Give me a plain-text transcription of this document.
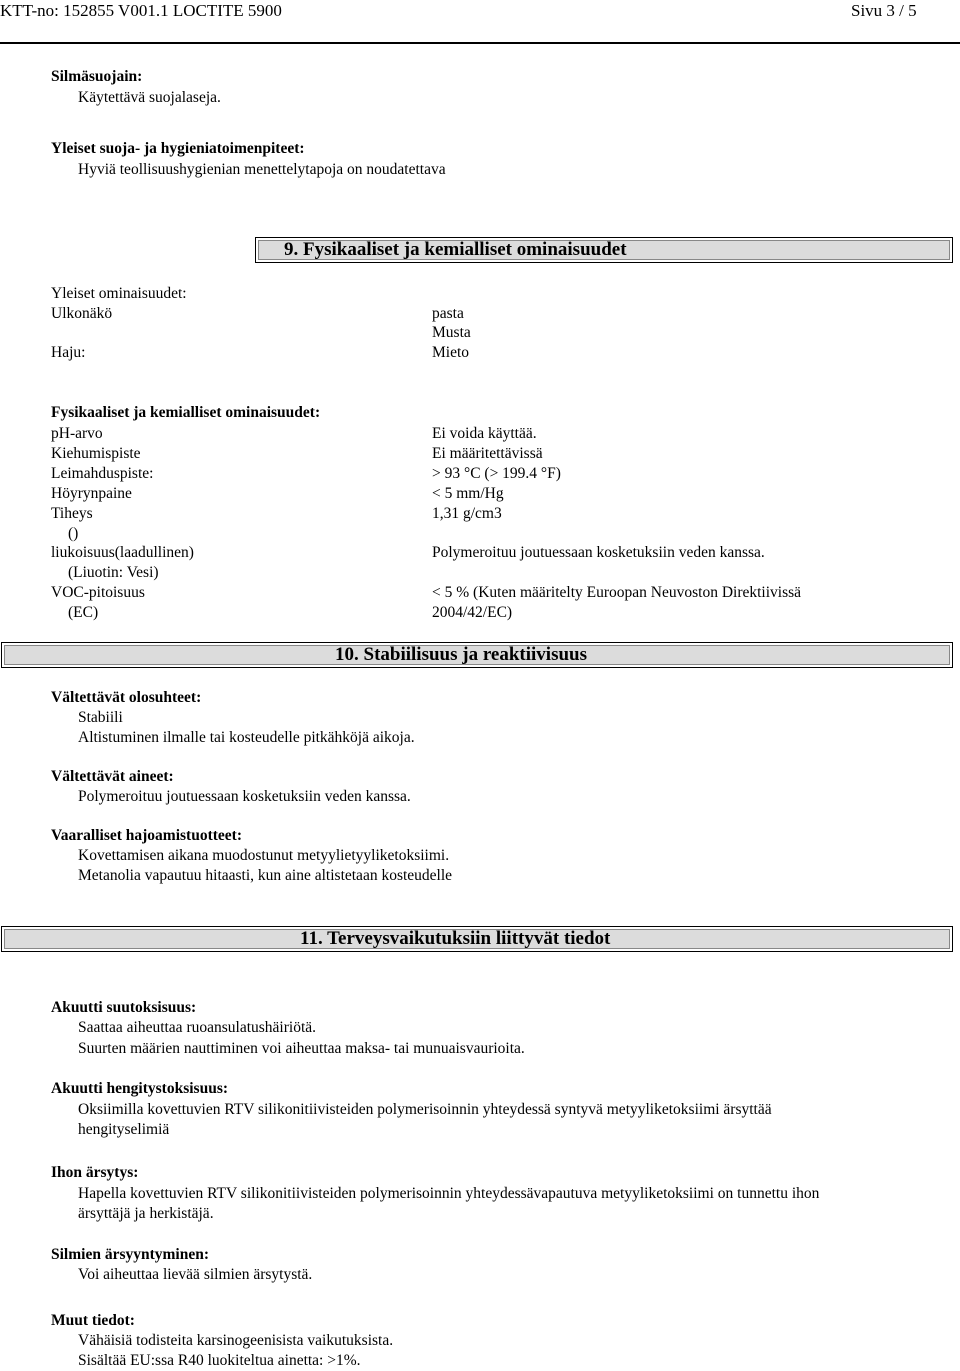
KTT-no: 152855 V001.1 LOCTITE 5900	Sivu 3 / 5
Silmäsuojain:
Käytettävä suojalaseja.
Yleiset suoja- ja hygieniatoimenpiteet:
Hyviä teollisuushygienian menettelytapoja on noudatettava
9. Fysikaaliset ja kemialliset ominaisuudet
Yleiset ominaisuudet:
Ulkonäkö	pasta
Musta
Haju:	Mieto
Fysikaaliset ja kemialliset ominaisuudet:
pH-arvo	Ei voida käyttää.
Kiehumispiste	Ei määritettävissä
Leimahduspiste:	> 93 °C (> 199.4 °F)
Höyrynpaine	< 5 mm/Hg
Tiheys	1,31 g/cm3
()
liukoisuus(laadullinen)	Polymeroituu joutuessaan kosketuksiin veden kanssa.
(Liuotin: Vesi)
VOC-pitoisuus	< 5 % (Kuten määritelty Euroopan Neuvoston Direktiivissä
(EC)	2004/42/EC)
10. Stabiilisuus ja reaktiivisuus
Vältettävät olosuhteet:
Stabiili
Altistuminen ilmalle tai kosteudelle pitkähköjä aikoja.
Vältettävät aineet:
Polymeroituu joutuessaan kosketuksiin veden kanssa.
Vaaralliset hajoamistuotteet:
Kovettamisen aikana muodostunut metyylietyyliketoksiimi.
Metanolia vapautuu hitaasti, kun aine altistetaan kosteudelle
11. Terveysvaikutuksiin liittyvät tiedot
Akuutti suutoksisuus:
Saattaa aiheuttaa ruoansulatushäiriötä.
Suurten määrien nauttiminen voi aiheuttaa maksa- tai munuaisvaurioita.
Akuutti hengitystoksisuus:
Oksiimilla kovettuvien RTV silikonitiivisteiden polymerisoinnin yhteydessä syntyvä metyyliketoksiimi ärsyttää
hengityselimiä
Ihon ärsytys:
Hapella kovettuvien RTV silikonitiivisteiden polymerisoinnin yhteydessävapautuva metyyliketoksiimi on tunnettu ihon
ärsyttäjä ja herkistäjä.
Silmien ärsyyntyminen:
Voi aiheuttaa lievää silmien ärsytystä.
Muut tiedot:
Vähäisiä todisteita karsinogeenisista vaikutuksista.
Sisältää EU:ssa R40 luokiteltua ainetta: >1%.
